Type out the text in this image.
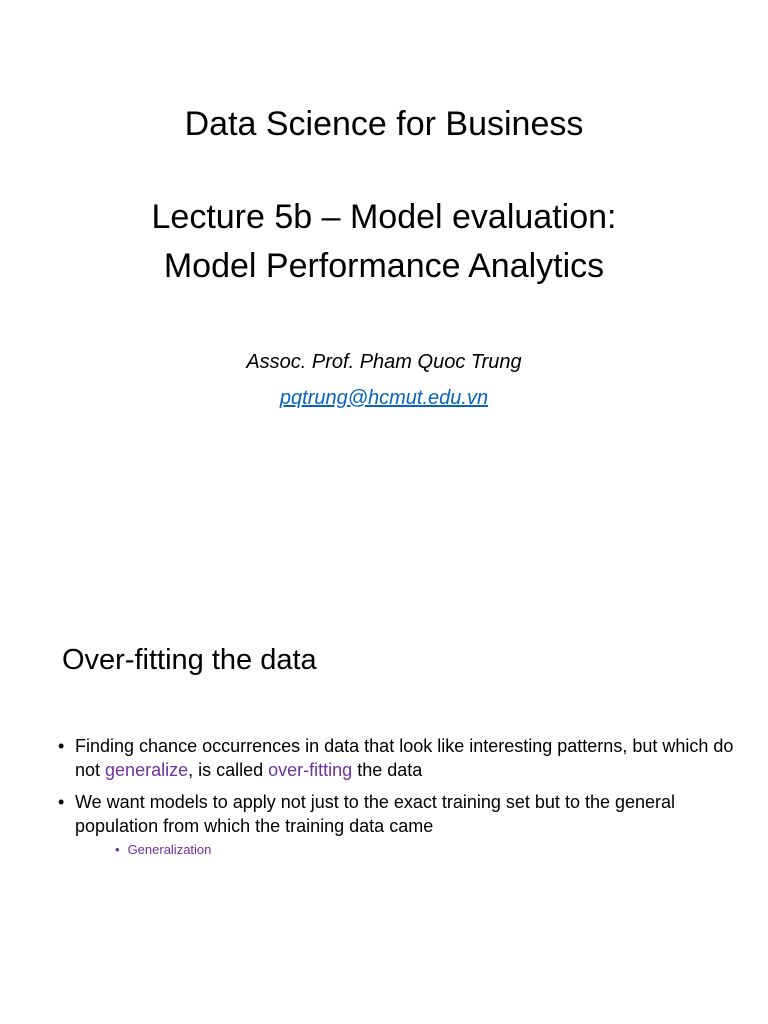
Data Science for Business
Lecture 5b – Model evaluation:
Model Performance Analytics
Assoc. Prof. Pham Quoc Trung
pqtrung@hcmut.edu.vn
Over-fitting the data
• Finding chance occurrences in data that look like interesting patterns, but which do not generalize, is called over-fitting the data
• We want models to apply not just to the exact training set but to the general population from which the training data came
• Generalization
